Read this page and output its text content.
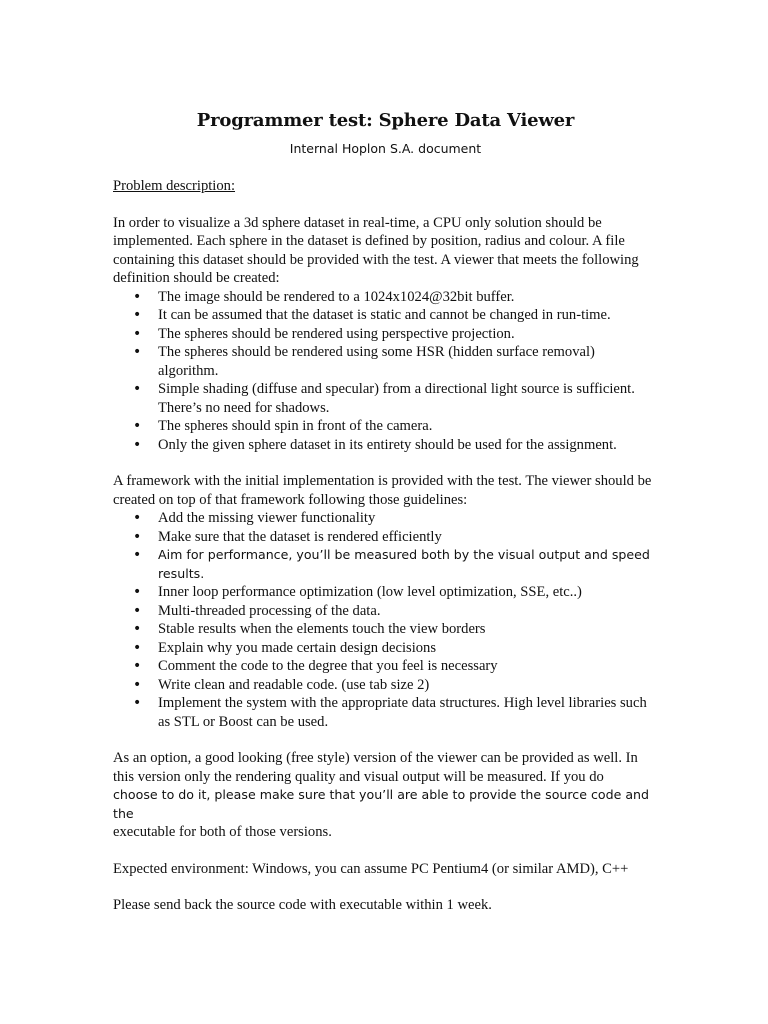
Programmer test: Sphere Data Viewer
Internal Hoplon S.A. document
Problem description:

In order to visualize a 3d sphere dataset in real-time, a CPU only solution should be implemented. Each sphere in the dataset is defined by position, radius and colour. A file containing this dataset should be provided with the test. A viewer that meets the following definition should be created:

• The image should be rendered to a 1024x1024@32bit buffer.
• It can be assumed that the dataset is static and cannot be changed in run-time.
• The spheres should be rendered using perspective projection.
• The spheres should be rendered using some HSR (hidden surface removal) algorithm.
• Simple shading (diffuse and specular) from a directional light source is sufficient. There’s no need for shadows.
• The spheres should spin in front of the camera.
• Only the given sphere dataset in its entirety should be used for the assignment.

A framework with the initial implementation is provided with the test. The viewer should be created on top of that framework following those guidelines:

• Add the missing viewer functionality
• Make sure that the dataset is rendered efficiently
• Aim for performance, you’ll be measured both by the visual output and speed results.
• Inner loop performance optimization (low level optimization, SSE, etc..)
• Multi-threaded processing of the data.
• Stable results when the elements touch the view borders
• Explain why you made certain design decisions
• Comment the code to the degree that you feel is necessary
• Write clean and readable code. (use tab size 2)
• Implement the system with the appropriate data structures. High level libraries such as STL or Boost can be used.
As an option, a good looking (free style) version of the viewer can be provided as well. In this version only the rendering quality and visual output will be measured. If you do
choose to do it, please make sure that you’ll are able to provide the source code and the
executable for both of those versions.

Expected environment: Windows, you can assume PC Pentium4 (or similar AMD), C++

Please send back the source code with executable within 1 week.
